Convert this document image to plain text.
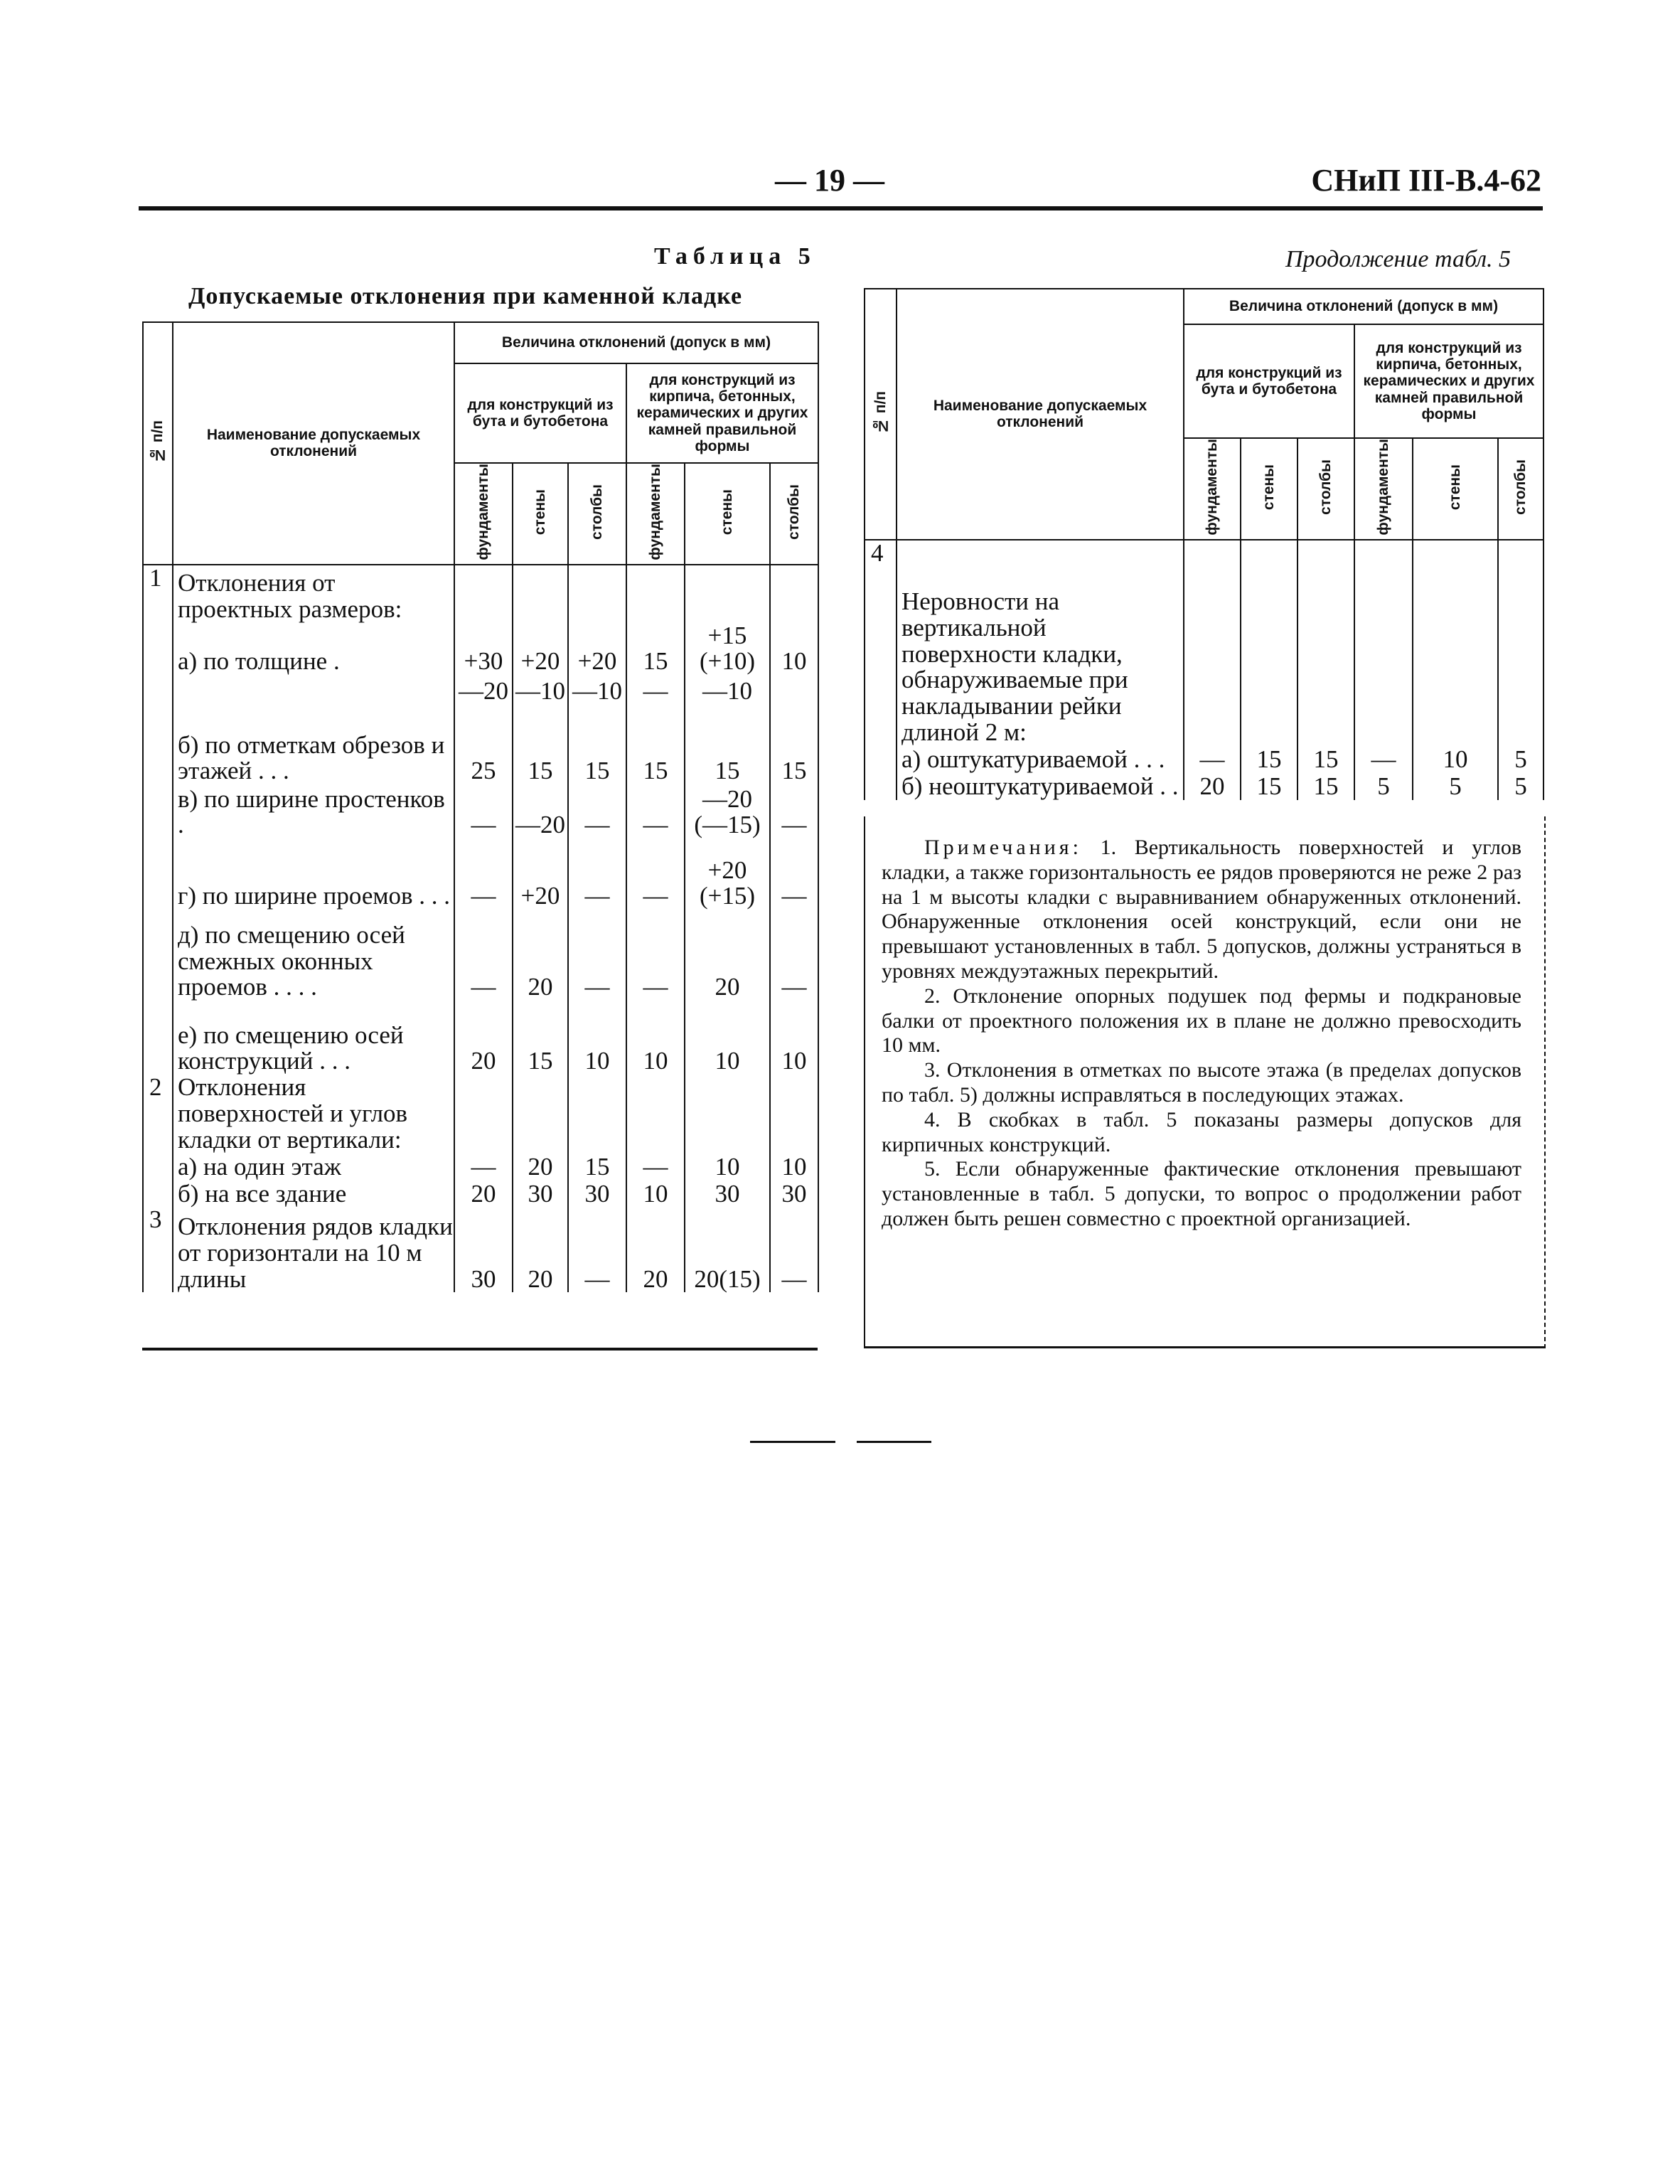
— 19 —	СНиП III-В.4-62
Таблица 5
Допускаемые отклонения при каменной кладке
Продолжение табл. 5
№ п/п	Наименование допускаемых отклонений	Величина отклонений (допуск в мм)					
		для конструкций из бута и бутобетона			для конструкций из кирпича, бетонных, керамических и других камней правильной формы		
		фундаменты	стены	столбы	фундаменты	стены	столбы
1	Отклонения от проектных размеров:						
	а) по толщине .	+30	+20	+20	15	+15 (+10)	10
		—20	—10	—10	—	—10	
	б) по отметкам обрезов и этажей . . .	25	15	15	15	15	15
	в) по ширине простенков .	—	—20	—	—	—20 (—15)	—
	г) по ширине проемов . . .	—	+20	—	—	+20 (+15)	—
	д) по смещению осей смежных оконных проемов . . . .	—	20	—	—	20	—
	е) по смещению осей конструкций . . .	20	15	10	10	10	10
2	Отклонения поверхностей и углов кладки от вертикали:						
	а) на один этаж	—	20	15	—	10	10
	б) на все здание	20	30	30	10	30	30
3	Отклонения рядов кладки от горизонтали на 10 м длины	30	20	—	20	20(15)	—
№ п/п	Наименование допускаемых отклонений	Величина отклонений (допуск в мм)					
		для конструкций из бута и бутобетона			для конструкций из кирпича, бетонных, керамических и других камней правильной формы		
		фундаменты	стены	столбы	фундаменты	стены	столбы
4	Неровности на вертикальной поверхности кладки, обнаруживаемые при накладывании рейки длиной 2 м:						
	а) оштукатуриваемой . . .	—	15	15	—	10	5
	б) неоштукатуриваемой . .	20	15	15	5	5	5

Примечания: 1. Вертикальность поверхностей и углов кладки, а также горизонтальность ее рядов проверяются не реже 2 раз на 1 м высоты кладки с выравниванием обнаруженных отклонений. Обнаруженные отклонения осей конструкций, если они не превышают установленных в табл. 5 допусков, должны устраняться в уровнях междуэтажных перекрытий.

2. Отклонение опорных подушек под фермы и подкрановые балки от проектного положения их в плане не должно превосходить 10 мм.

3. Отклонения в отметках по высоте этажа (в пределах допусков по табл. 5) должны исправляться в последующих этажах.

4. В скобках в табл. 5 показаны размеры допусков для кирпичных конструкций.

5. Если обнаруженные фактические отклонения превышают установленные в табл. 5 допуски, то вопрос о продолжении работ должен быть решен совместно с проектной организацией.
